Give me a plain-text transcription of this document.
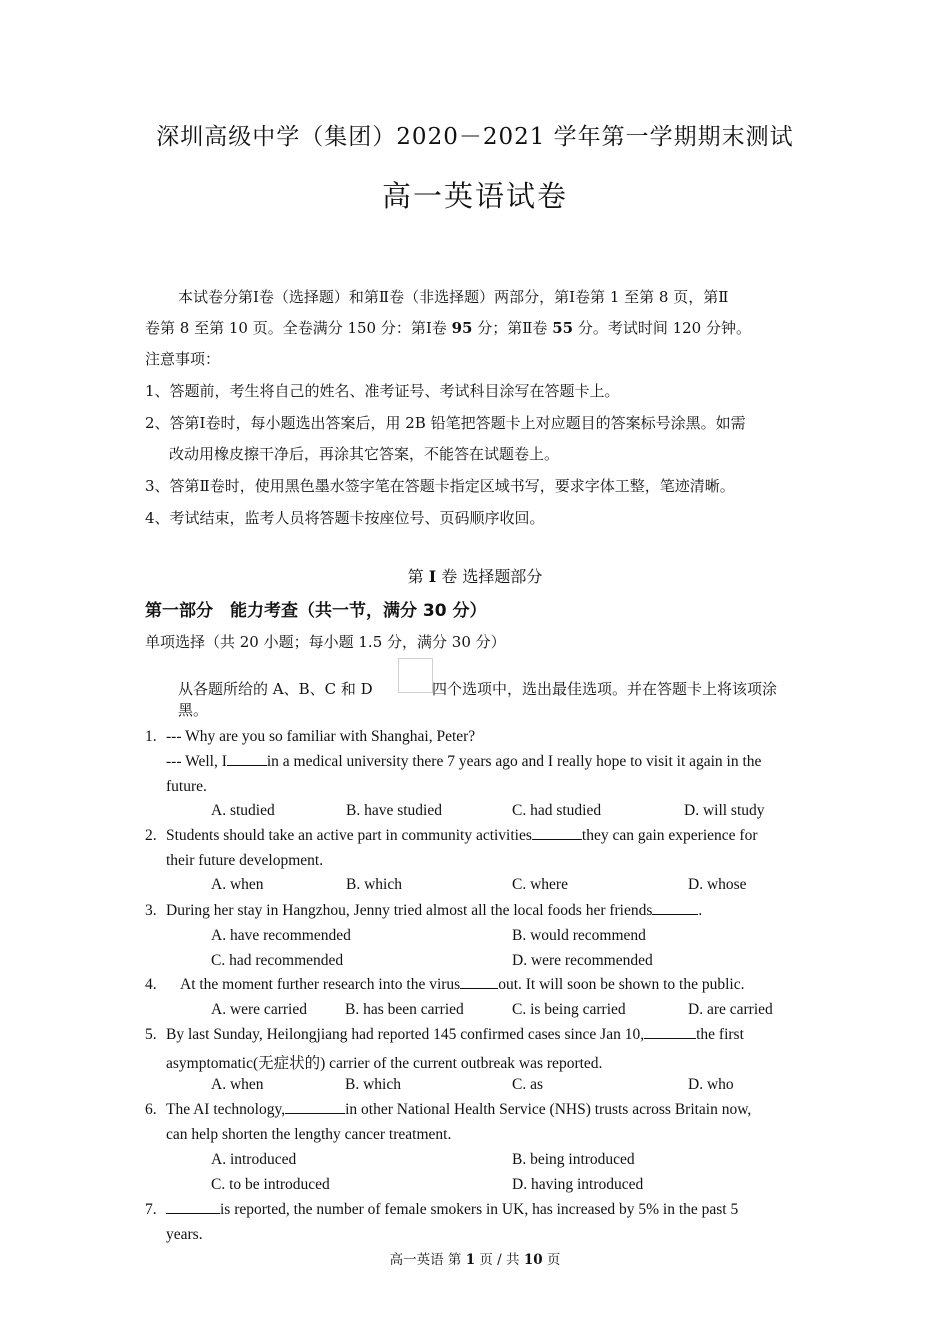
深圳高级中学（集团）2020－2021 学年第一学期期末测试
高一英语试卷
本试卷分第Ⅰ卷（选择题）和第Ⅱ卷（非选择题）两部分，第Ⅰ卷第 1 至第 8 页，第Ⅱ
卷第 8 至第 10 页。全卷满分 150 分：第Ⅰ卷 95 分；第Ⅱ卷 55 分。考试时间 120 分钟。
注意事项：
1、答题前，考生将自己的姓名、准考证号、考试科目涂写在答题卡上。
2、答第Ⅰ卷时，每小题选出答案后，用 2B 铅笔把答题卡上对应题目的答案标号涂黑。如需
改动用橡皮擦干净后，再涂其它答案，不能答在试题卷上。
3、答第Ⅱ卷时，使用黑色墨水签字笔在答题卡指定区域书写，要求字体工整，笔迹清晰。
4、考试结束，监考人员将答题卡按座位号、页码顺序收回。
第 I 卷 选择题部分
第一部分　能力考查（共一节，满分 30 分）
单项选择（共 20 小题；每小题 1.5 分，满分 30 分）
从各题所给的 A、B、C 和 D	四个选项中，选出最佳选项。并在答题卡上将该项涂
黑。
1. --- Why are you so familiar with Shanghai, Peter?
--- Well, I	in a medical university there 7 years ago and I really hope to visit it again in the
future.
A. studied	B. have studied	C. had studied	D. will study
2. Students should take an active part in community activities	they can gain experience for
their future development.
A. when	B. which	C. where	D. whose
3. During her stay in Hangzhou, Jenny tried almost all the local foods her friends	.
A. have recommended	B. would recommend
C. had recommended	D. were recommended
4. At the moment further research into the virus out. It will soon be shown to the public.
A. were carried B. has been carried	C. is being carried	D. are carried
5. By last Sunday, Heilongjiang had reported 145 confirmed cases since Jan 10,	the first
asymptomatic(无症状的) carrier of the current outbreak was reported.
A. when	B. which	C. as	D. who
6. The AI technology,	in other National Health Service (NHS) trusts across Britain now,
can help shorten the lengthy cancer treatment.
A. introduced	B. being introduced
C. to be introduced	D. having introduced
7.	is reported, the number of female smokers in UK, has increased by 5% in the past 5
years.
高一英语 第 1 页 / 共 10 页
